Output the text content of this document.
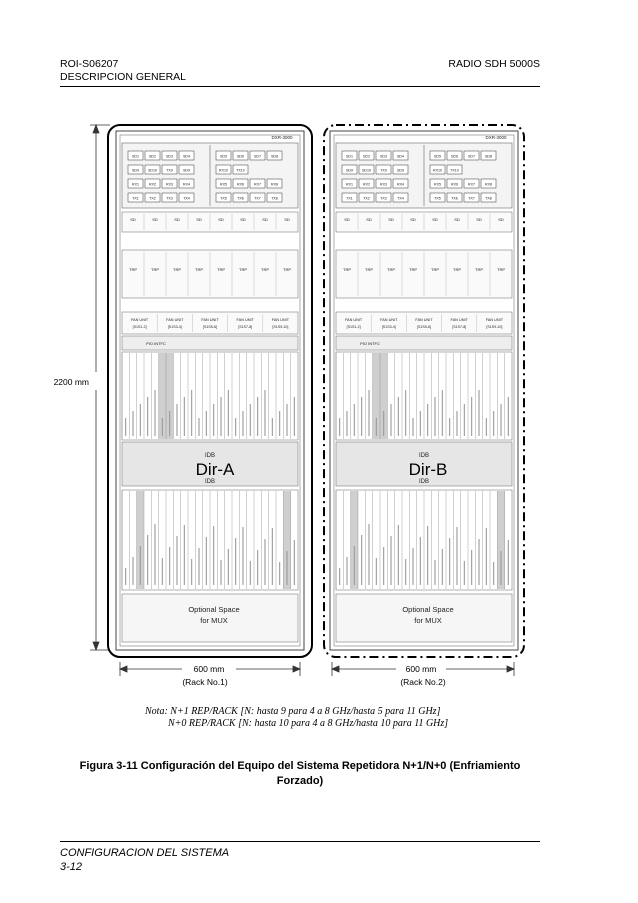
ROI-S06207
DESCRIPCION GENERAL
RADIO SDH 5000S
2200 mm
DXR-3000
SD1	SD2	SD3	SD4	SD5	SD6	SD7	SD8
SD9	SD10	TX9	SD9	RX10 TX10
RX1	RX2	RX3	RX4	RX5	RX6	RX7	RX8
TX1	TX2	TX3	TX4	TX5	TX6	TX7	TX8
SD	SD	SD	SD	SD	SD	SD	SD
TRP	TRP	TRP	TRP	TRP	TRP	TRP	TRP
FAN UNIT
[S1S1-2]
FAN UNIT
[S1S3-4]
FAN UNIT
[S1S5-6]
FAN UNIT
[S1S7-8]
FAN UNIT
[S1S9-10]
PIO INTFC
IDB
IDB
Optional Space
for MUX
DXR-3000
SD1	SD2	SD3	SD4	SD5	SD6	SD7	SD8
SD9	SD10	TX9	SD9	RX10 TX10
RX1	RX2	RX3	RX4	RX5	RX6	RX7	RX8
TX1	TX2	TX3	TX4	TX5	TX6	TX7	TX8
SD	SD	SD	SD	SD	SD	SD	SD
TRP	TRP	TRP	TRP	TRP	TRP	TRP	TRP
FAN UNIT
[S1S1-2]
FAN UNIT
[S1S3-4]
FAN UNIT
[S1S5-6]
FAN UNIT
[S1S7-8]
FAN UNIT
[S1S9-10]
PIO INTFC
IDB
IDB
Optional Space
for MUX
Dir-A	Dir-B
600 mm
(Rack No.1)
600 mm
(Rack No.2)
Nota: N+1 REP/RACK [N: hasta 9 para 4 a 8 GHz/hasta 5 para 11 GHz]
N+0 REP/RACK [N: hasta 10 para 4 a 8 GHz/hasta 10 para 11 GHz]
Figura 3-11 Configuración del Equipo del Sistema Repetidora N+1/N+0 (Enfriamiento
Forzado)
CONFIGURACION DEL SISTEMA
3-12
